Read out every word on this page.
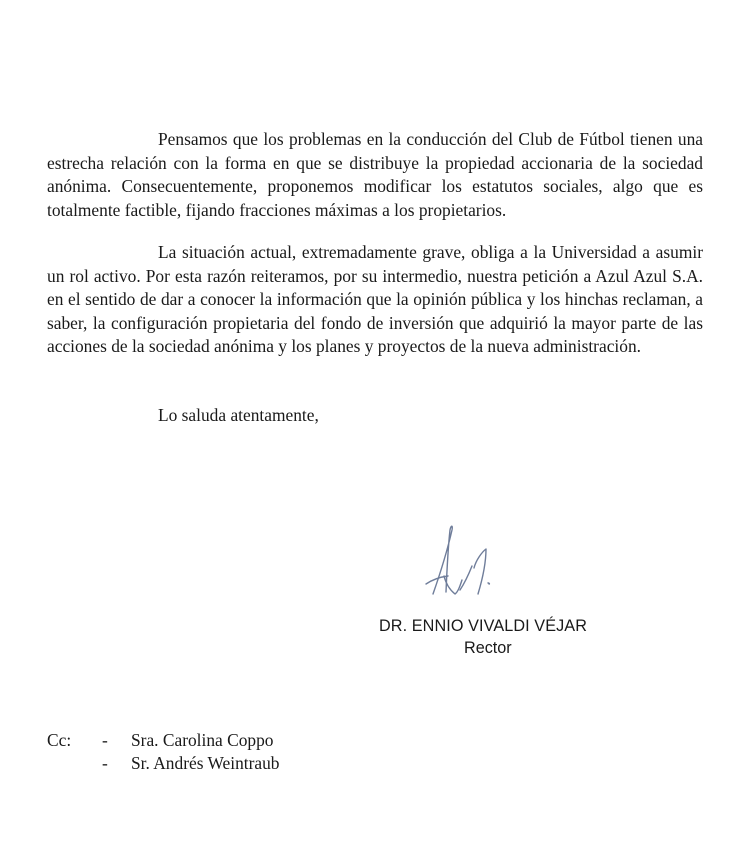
Pensamos que los problemas en la conducción del Club de Fútbol tienen una estrecha relación con la forma en que se distribuye la propiedad accionaria de la sociedad anónima. Consecuentemente, proponemos modificar los estatutos sociales, algo que es totalmente factible, fijando fracciones máximas a los propietarios.

La situación actual, extremadamente grave, obliga a la Universidad a asumir un rol activo. Por esta razón reiteramos, por su intermedio, nuestra petición a Azul Azul S.A. en el sentido de dar a conocer la información que la opinión pública y los hinchas reclaman, a saber, la configuración propietaria del fondo de inversión que adquirió la mayor parte de las acciones de la sociedad anónima y los planes y proyectos de la nueva administración.

Lo saluda atentamente,

DR. ENNIO VIVALDI VÉJAR

Rector

Cc: - Sra. Carolina Coppo

- Sr. Andrés Weintraub
